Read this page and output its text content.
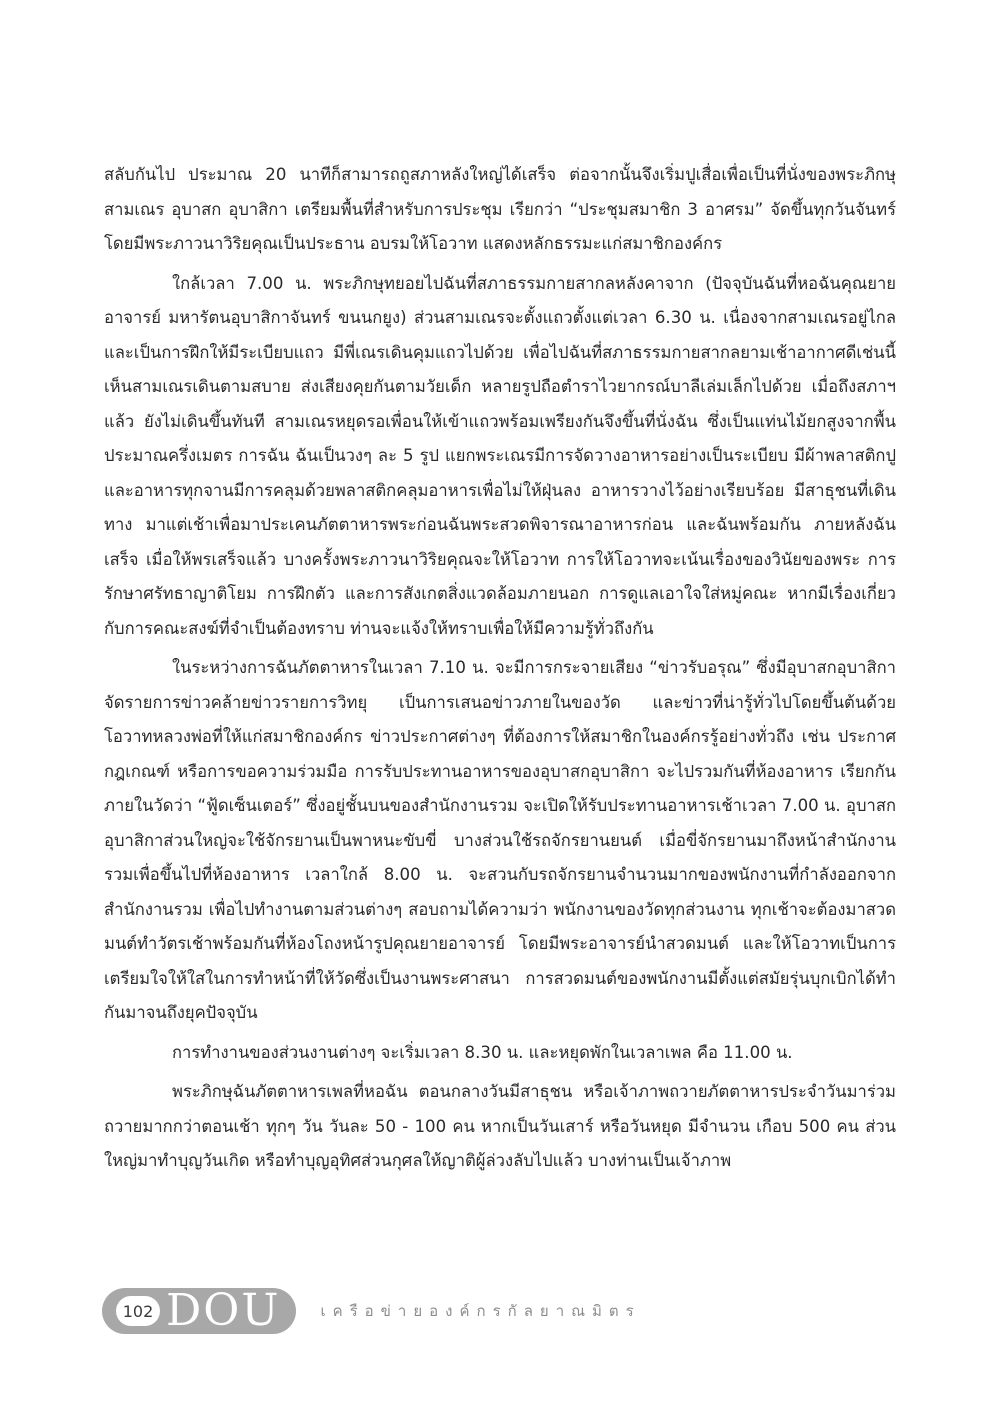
สลับกันไป ประมาณ 20 นาทีก็สามารถถูสภาหลังใหญ่ได้เสร็จ ต่อจากนั้นจึงเริ่มปูเสื่อเพื่อเป็นที่นั่งของพระภิกษุ สามเณร อุบาสก อุบาสิกา เตรียมพื้นที่สำหรับการประชุม เรียกว่า “ประชุมสมาชิก 3 อาศรม” จัดขึ้นทุกวันจันทร์ โดยมีพระภาวนาวิริยคุณเป็นประธาน อบรมให้โอวาท แสดงหลักธรรมะแก่สมาชิกองค์กร

ใกล้เวลา 7.00 น. พระภิกษุทยอยไปฉันที่สภาธรรมกายสากลหลังคาจาก (ปัจจุบันฉันที่หอฉันคุณยายอาจารย์ มหารัตนอุบาสิกาจันทร์ ขนนกยูง) ส่วนสามเณรจะตั้งแถวตั้งแต่เวลา 6.30 น. เนื่องจากสามเณรอยู่ไกลและเป็นการฝึกให้มีระเบียบแถว มีพี่เณรเดินคุมแถวไปด้วย เพื่อไปฉันที่สภาธรรมกายสากลยามเช้าอากาศดีเช่นนี้เห็นสามเณรเดินตามสบาย ส่งเสียงคุยกันตามวัยเด็ก หลายรูปถือตำราไวยากรณ์บาลีเล่มเล็กไปด้วย เมื่อถึงสภาฯแล้ว ยังไม่เดินขึ้นทันที สามเณรหยุดรอเพื่อนให้เข้าแถวพร้อมเพรียงกันจึงขึ้นที่นั่งฉัน ซึ่งเป็นแท่นไม้ยกสูงจากพื้นประมาณครึ่งเมตร การฉัน ฉันเป็นวงๆ ละ 5 รูป แยกพระเณรมีการจัดวางอาหารอย่างเป็นระเบียบ มีผ้าพลาสติกปู และอาหารทุกจานมีการคลุมด้วยพลาสติกคลุมอาหารเพื่อไม่ให้ฝุ่นลง อาหารวางไว้อย่างเรียบร้อย มีสาธุชนที่เดินทาง มาแต่เช้าเพื่อมาประเคนภัตตาหารพระก่อนฉันพระสวดพิจารณาอาหารก่อน และฉันพร้อมกัน ภายหลังฉันเสร็จ เมื่อให้พรเสร็จแล้ว บางครั้งพระภาวนาวิริยคุณจะให้โอวาท การให้โอวาทจะเน้นเรื่องของวินัยของพระ การรักษาศรัทธาญาติโยม การฝึกตัว และการสังเกตสิ่งแวดล้อมภายนอก การดูแลเอาใจใส่หมู่คณะ หากมีเรื่องเกี่ยวกับการคณะสงฆ์ที่จำเป็นต้องทราบ ท่านจะแจ้งให้ทราบเพื่อให้มีความรู้ทั่วถึงกัน

ในระหว่างการฉันภัตตาหารในเวลา 7.10 น. จะมีการกระจายเสียง “ข่าวรับอรุณ” ซึ่งมีอุบาสกอุบาสิกา จัดรายการข่าวคล้ายข่าวรายการวิทยุ เป็นการเสนอข่าวภายในของวัด และข่าวที่น่ารู้ทั่วไปโดยขึ้นต้นด้วย โอวาทหลวงพ่อที่ให้แก่สมาชิกองค์กร ข่าวประกาศต่างๆ ที่ต้องการให้สมาชิกในองค์กรรู้อย่างทั่วถึง เช่น ประกาศ กฎเกณฑ์ หรือการขอความร่วมมือ การรับประทานอาหารของอุบาสกอุบาสิกา จะไปรวมกันที่ห้องอาหาร เรียกกันภายในวัดว่า “ฟู้ดเซ็นเตอร์” ซึ่งอยู่ชั้นบนของสำนักงานรวม จะเปิดให้รับประทานอาหารเช้าเวลา 7.00 น. อุบาสก อุบาสิกาส่วนใหญ่จะใช้จักรยานเป็นพาหนะขับขี่ บางส่วนใช้รถจักรยานยนต์ เมื่อขี่จักรยานมาถึงหน้าสำนักงานรวมเพื่อขึ้นไปที่ห้องอาหาร เวลาใกล้ 8.00 น. จะสวนกับรถจักรยานจำนวนมากของพนักงานที่กำลังออกจากสำนักงานรวม เพื่อไปทำงานตามส่วนต่างๆ สอบถามได้ความว่า พนักงานของวัดทุกส่วนงาน ทุกเช้าจะต้องมาสวดมนต์ทำวัตรเช้าพร้อมกันที่ห้องโถงหน้ารูปคุณยายอาจารย์ โดยมีพระอาจารย์นำสวดมนต์ และให้โอวาทเป็นการเตรียมใจให้ใสในการทำหน้าที่ให้วัดซึ่งเป็นงานพระศาสนา การสวดมนต์ของพนักงานมีตั้งแต่สมัยรุ่นบุกเบิกได้ทำกันมาจนถึงยุคปัจจุบัน

การทำงานของส่วนงานต่างๆ จะเริ่มเวลา 8.30 น. และหยุดพักในเวลาเพล คือ 11.00 น.

พระภิกษุฉันภัตตาหารเพลที่หอฉัน ตอนกลางวันมีสาธุชน หรือเจ้าภาพถวายภัตตาหารประจำวันมาร่วมถวายมากกว่าตอนเช้า ทุกๆ วัน วันละ 50 - 100 คน หากเป็นวันเสาร์ หรือวันหยุด มีจำนวน เกือบ 500 คน ส่วนใหญ่มาทำบุญวันเกิด หรือทำบุญอุทิศส่วนกุศลให้ญาติผู้ล่วงลับไปแล้ว บางท่านเป็นเจ้าภาพ

102 DOU	เครือข่ายองค์กรกัลยาณมิตร
